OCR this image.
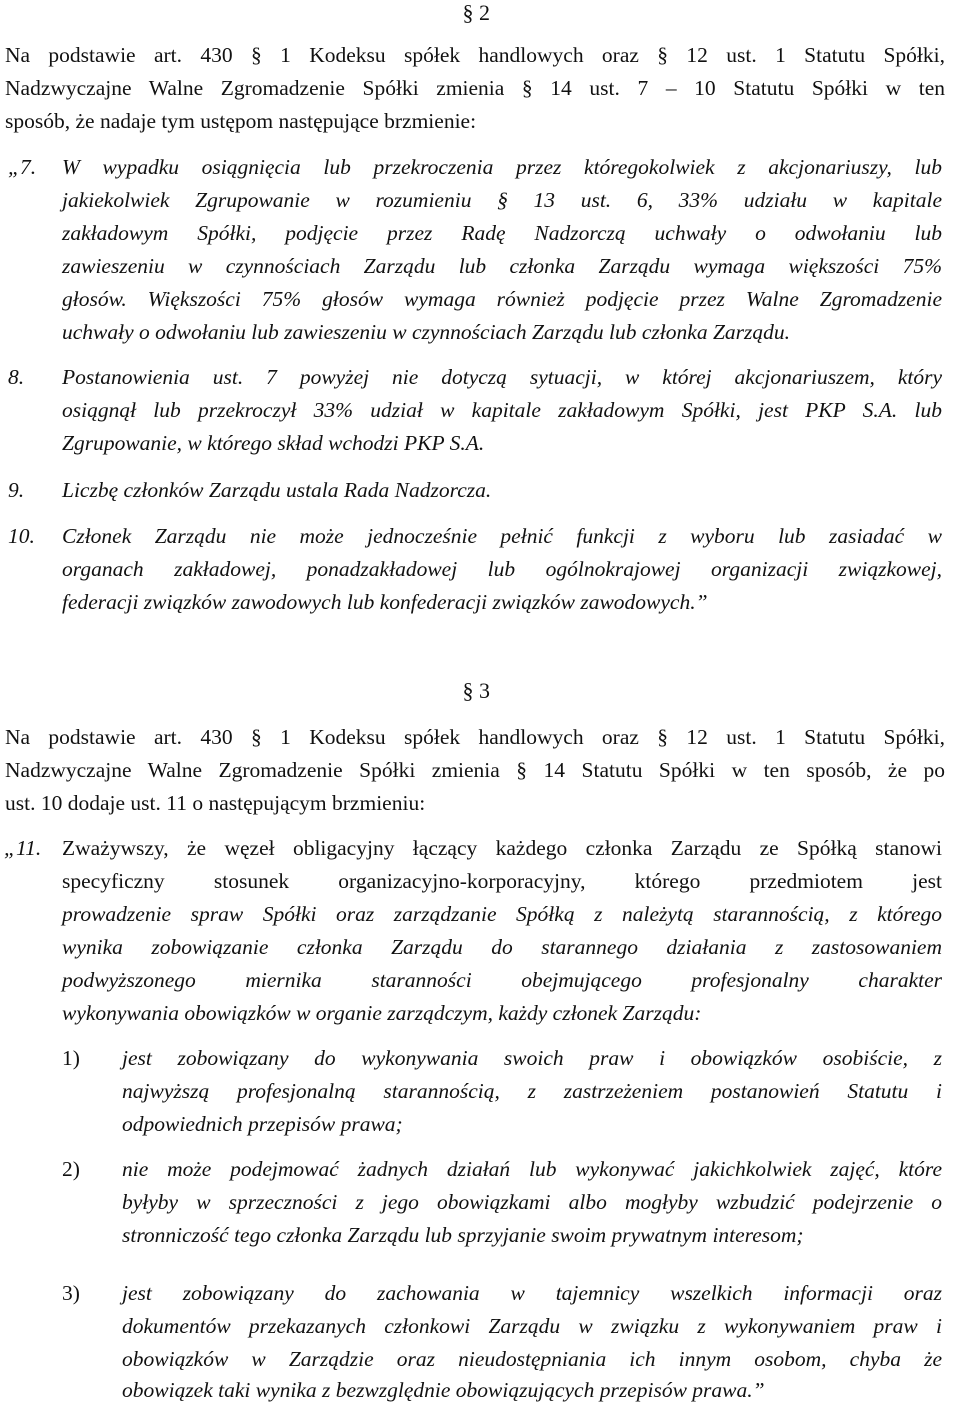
§ 2
Na podstawie art. 430 § 1 Kodeksu spółek handlowych oraz § 12 ust. 1 Statutu Spółki,
Nadzwyczajne Walne Zgromadzenie Spółki zmienia § 14 ust. 7 – 10 Statutu Spółki w ten
sposób, że nadaje tym ustępom następujące brzmienie:
„7. W wypadku osiągnięcia lub przekroczenia przez któregokolwiek z akcjonariuszy, lub
jakiekolwiek Zgrupowanie w rozumieniu § 13 ust. 6, 33% udziału w kapitale
zakładowym Spółki, podjęcie przez Radę Nadzorczą uchwały o odwołaniu lub
zawieszeniu w czynnościach Zarządu lub członka Zarządu wymaga większości 75%
głosów. Większości 75% głosów wymaga również podjęcie przez Walne Zgromadzenie
uchwały o odwołaniu lub zawieszeniu w czynnościach Zarządu lub członka Zarządu.
8. Postanowienia ust. 7 powyżej nie dotyczą sytuacji, w której akcjonariuszem, który
osiągnął lub przekroczył 33% udział w kapitale zakładowym Spółki, jest PKP S.A. lub
Zgrupowanie, w którego skład wchodzi PKP S.A.
9. Liczbę członków Zarządu ustala Rada Nadzorcza.
10. Członek Zarządu nie może jednocześnie pełnić funkcji z wyboru lub zasiadać w
organach zakładowej, ponadzakładowej lub ogólnokrajowej organizacji związkowej,
federacji związków zawodowych lub konfederacji związków zawodowych.”
§ 3
Na podstawie art. 430 § 1 Kodeksu spółek handlowych oraz § 12 ust. 1 Statutu Spółki,
Nadzwyczajne Walne Zgromadzenie Spółki zmienia § 14 Statutu Spółki w ten sposób, że po
ust. 10 dodaje ust. 11 o następującym brzmieniu:
„11. Zważywszy, że węzeł obligacyjny łączący każdego członka Zarządu ze Spółką stanowi
specyficzny stosunek organizacyjno-korporacyjny, którego przedmiotem jest
prowadzenie spraw Spółki oraz zarządzanie Spółką z należytą starannością, z którego
wynika zobowiązanie członka Zarządu do starannego działania z zastosowaniem
podwyższonego miernika staranności obejmującego profesjonalny charakter
wykonywania obowiązków w organie zarządczym, każdy członek Zarządu:
1) jest zobowiązany do wykonywania swoich praw i obowiązków osobiście, z
najwyższą profesjonalną starannością, z zastrzeżeniem postanowień Statutu i
odpowiednich przepisów prawa;
2) nie może podejmować żadnych działań lub wykonywać jakichkolwiek zajęć, które
byłyby w sprzeczności z jego obowiązkami albo mogłyby wzbudzić podejrzenie o
stronniczość tego członka Zarządu lub sprzyjanie swoim prywatnym interesom;
3) jest zobowiązany do zachowania w tajemnicy wszelkich informacji oraz
dokumentów przekazanych członkowi Zarządu w związku z wykonywaniem praw i
obowiązków w Zarządzie oraz nieudostępniania ich innym osobom, chyba że
obowiązek taki wynika z bezwzględnie obowiązujących przepisów prawa.”
